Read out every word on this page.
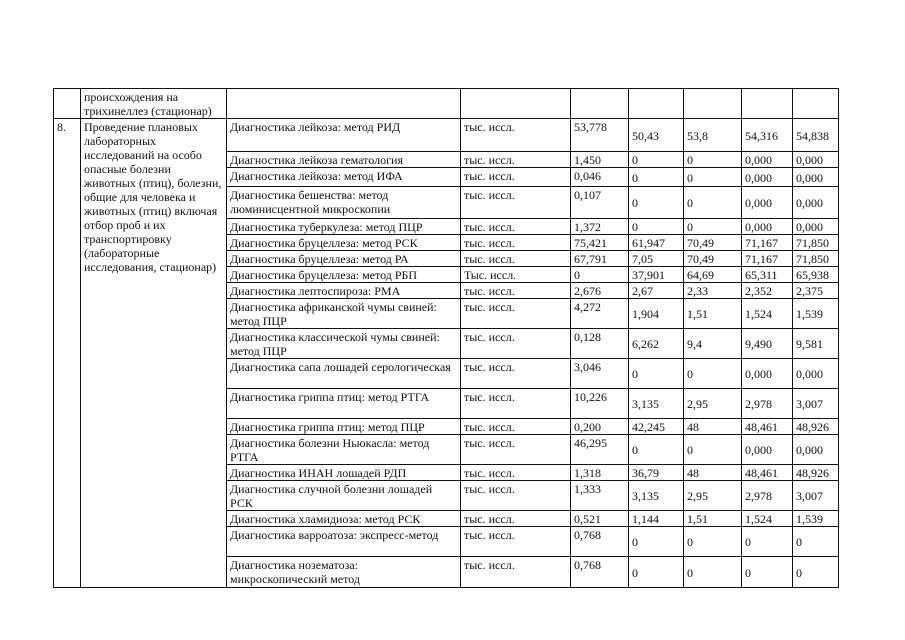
	происхождения на трихинеллез (стационар)							
8.	Проведение плановых лабораторных исследований на особо опасные болезни животных (птиц), болезни, общие для человека и животных (птиц) включая отбор проб и их транспортировку (лабораторные исследования, стационар)	Диагностика лейкоза: метод РИД	тыс. иссл.	53,778	50,43	53,8	54,316	54,838
		Диагностика лейкоза гематология	тыс. иссл.	1,450	0	0	0,000	0,000
		Диагностика лейкоза: метод ИФА	тыс. иссл.	0,046	0	0	0,000	0,000
		Диагностика бешенства: метод люминисцентной микроскопии	тыс. иссл.	0,107	0	0	0,000	0,000
		Диагностика туберкулеза: метод ПЦР	тыс. иссл.	1,372	0	0	0,000	0,000
		Диагностика бруцеллеза: метод РСК	тыс. иссл.	75,421	61,947	70,49	71,167	71,850
		Диагностика бруцеллеза: метод РА	тыс. иссл.	67,791	7,05	70,49	71,167	71,850
		Диагностика бруцеллеза: метод РБП	Тыс. иссл.	0	37,901	64,69	65,311	65,938
		Диагностика лептоспироза: РМА	тыс. иссл.	2,676	2,67	2,33	2,352	2,375
		Диагностика африканской чумы свиней: метод ПЦР	тыс. иссл.	4,272	1,904	1,51	1,524	1,539
		Диагностика классической чумы свиней: метод ПЦР	тыс. иссл.	0,128	6,262	9,4	9,490	9,581
		Диагностика сапа лошадей серологическая	тыс. иссл.	3,046	0	0	0,000	0,000
		Диагностика гриппа птиц: метод РТГА	тыс. иссл.	10,226	3,135	2,95	2,978	3,007
		Диагностика гриппа птиц: метод ПЦР	тыс. иссл.	0,200	42,245	48	48,461	48,926
		Диагностика болезни Ньюкасла: метод РТГА	тыс. иссл.	46,295	0	0	0,000	0,000
		Диагностика ИНАН лошадей РДП	тыс. иссл.	1,318	36,79	48	48,461	48,926
		Диагностика случной болезни лошадей РСК	тыс. иссл.	1,333	3,135	2,95	2,978	3,007
		Диагностика хламидиоза: метод РСК	тыс. иссл.	0,521	1,144	1,51	1,524	1,539
		Диагностика варроатоза: экспресс-метод	тыс. иссл.	0,768	0	0	0	0
		Диагностика нозематоза: микроскопический метод	тыс. иссл.	0,768	0	0	0	0
